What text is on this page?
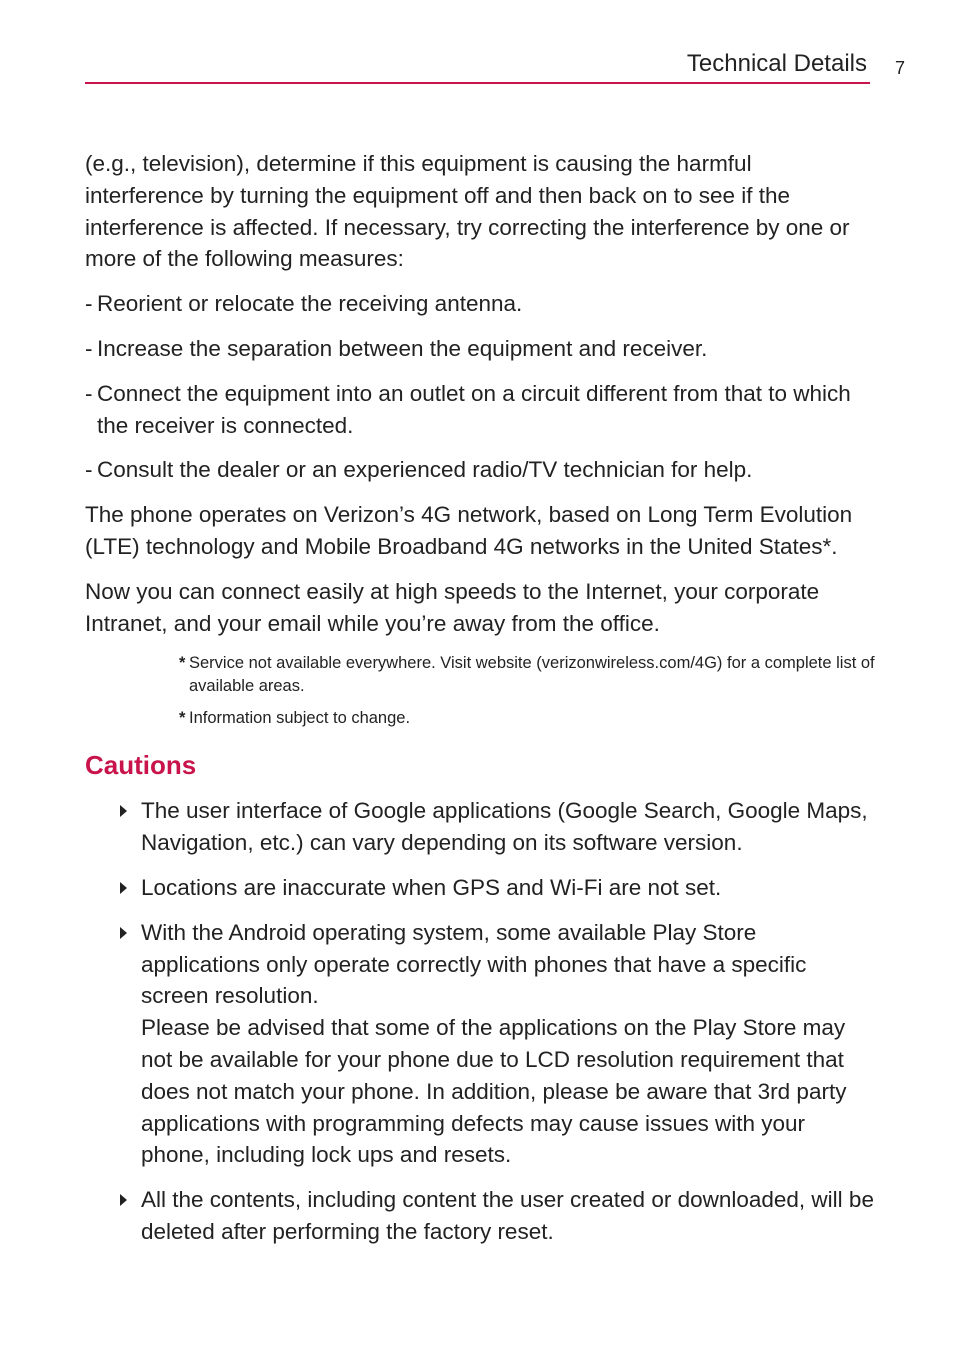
Technical Details 7

(e.g., television), determine if this equipment is causing the harmful interference by turning the equipment off and then back on to see if the interference is affected. If necessary, try correcting the interference by one or more of the following measures:

- Reorient or relocate the receiving antenna.
- Increase the separation between the equipment and receiver.
- Connect the equipment into an outlet on a circuit different from that to which the receiver is connected.
- Consult the dealer or an experienced radio/TV technician for help.

The phone operates on Verizon’s 4G network, based on Long Term Evolution (LTE) technology and Mobile Broadband 4G networks in the United States*.

Now you can connect easily at high speeds to the Internet, your corporate Intranet, and your email while you’re away from the office.

* Service not available everywhere. Visit website (verizonwireless.com/4G) for a complete list of available areas.
* Information subject to change.
Cautions
The user interface of Google applications (Google Search, Google Maps, Navigation, etc.) can vary depending on its software version.
Locations are inaccurate when GPS and Wi-Fi are not set.
With the Android operating system, some available Play Store applications only operate correctly with phones that have a specific screen resolution.
Please be advised that some of the applications on the Play Store may not be available for your phone due to LCD resolution requirement that does not match your phone. In addition, please be aware that 3rd party applications with programming defects may cause issues with your phone, including lock ups and resets.
All the contents, including content the user created or downloaded, will be deleted after performing the factory reset.
